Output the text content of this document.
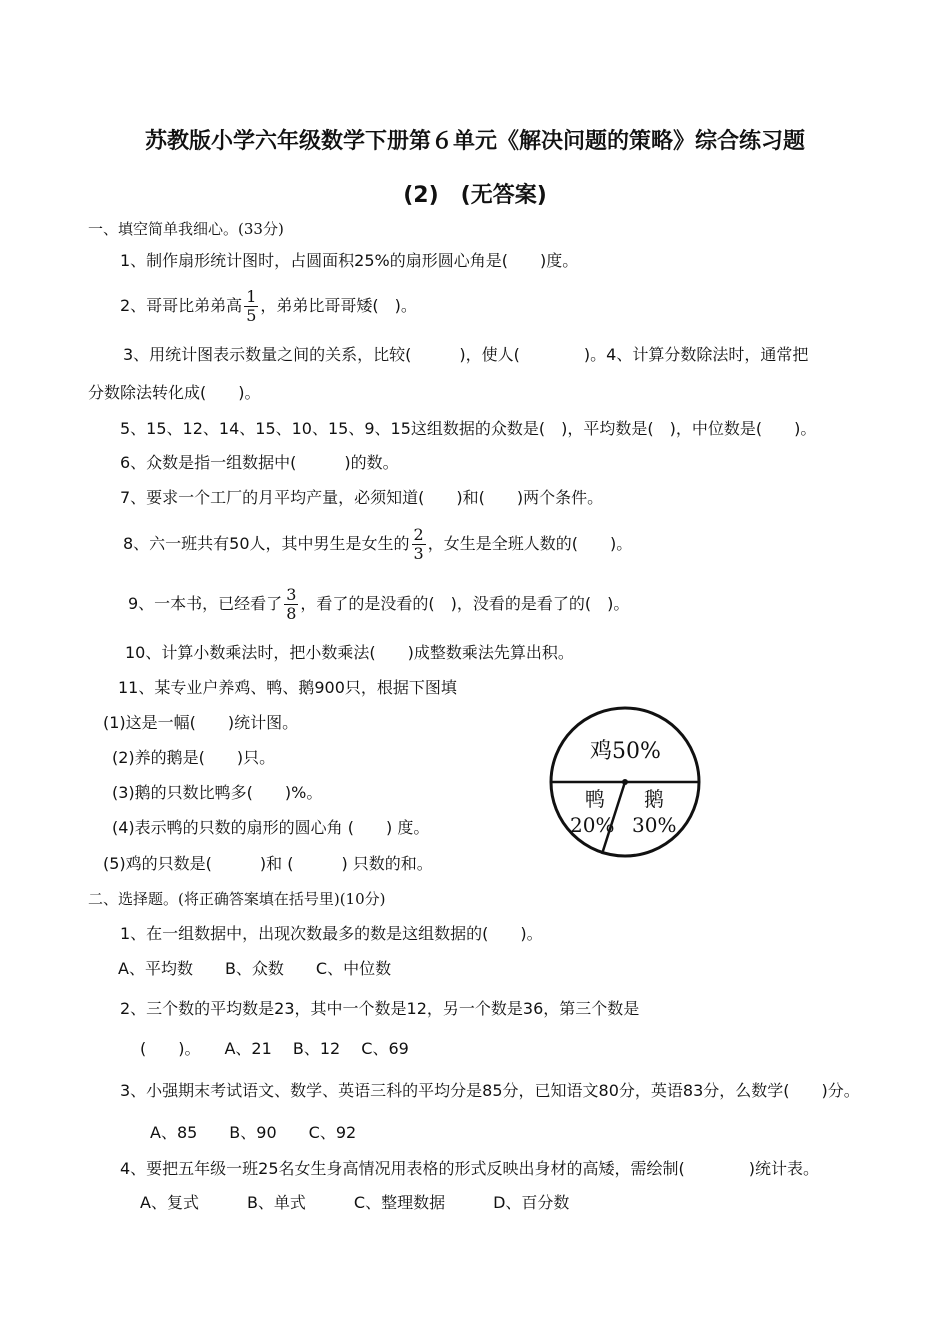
苏教版小学六年级数学下册第６单元《解决问题的策略》综合练习题
(2)　(无答案)
一、填空简单我细心。(33分)
1、制作扇形统计图时，占圆面积25%的扇形圆心角是(　　)度。
2、哥哥比弟弟高 $\frac{1}{5}$ ，弟弟比哥哥矮(　)。
3、用统计图表示数量之间的关系，比较(　　　)，使人(　　　　)。4、计算分数除法时，通常把
分数除法转化成(　　)。
5、15、12、14、15、10、15、9、15这组数据的众数是(　)，平均数是(　)，中位数是(　　)。
6、众数是指一组数据中(　　　)的数。
7、要求一个工厂的月平均产量，必须知道(　　)和(　　)两个条件。
8、六一班共有50人，其中男生是女生的 $\frac{2}{3}$ ，女生是全班人数的(　　)。
9、一本书，已经看了 $\frac{3}{8}$ ，看了的是没看的(　)，没看的是看了的(　)。
10、计算小数乘法时，把小数乘法(　　)成整数乘法先算出积。
11、某专业户养鸡、鸭、鹅900只，根据下图填
(1)这是一幅(　　)统计图。
(2)养的鹅是(　　)只。
(3)鹅的只数比鸭多(　　)%。
(4)表示鸭的只数的扇形的圆心角 (　　) 度。
(5)鸡的只数是(　　　)和 (　　　) 只数的和。
鸡50%
鸭
20%
鹅
30%
二、选择题。(将正确答案填在括号里)(10分)
1、在一组数据中，出现次数最多的数是这组数据的(　　)。
A、平均数　　B、众数　　C、中位数
2、三个数的平均数是23，其中一个数是12，另一个数是36，第三个数是
(　　)。　　A、21　 B、12　 C、69
3、小强期末考试语文、数学、英语三科的平均分是85分，已知语文80分，英语83分，么数学(　　)分。
A、85　　B、90　　C、92
4、要把五年级一班25名女生身高情况用表格的形式反映出身材的高矮，需绘制(　　　　)统计表。
A、复式　　　B、单式　　　C、整理数据　　　D、百分数
